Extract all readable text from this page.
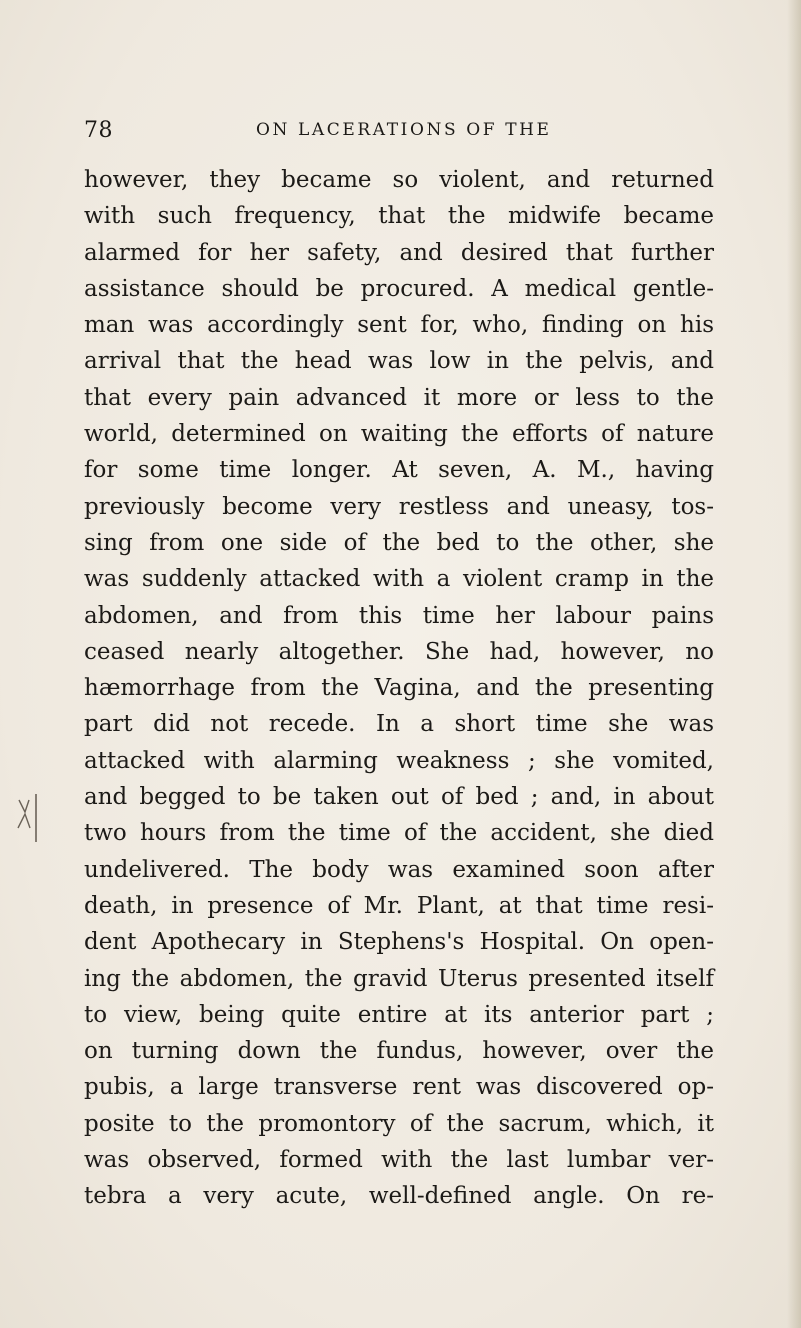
78	ON LACERATIONS OF THE
however, they became so violent, and returned
with such frequency, that the midwife became
alarmed for her safety, and desired that further
assistance should be procured. A medical gentle-
man was accordingly sent for, who, finding on his
arrival that the head was low in the pelvis, and
that every pain advanced it more or less to the
world, determined on waiting the efforts of nature
for some time longer. At seven, A. M., having
previously become very restless and uneasy, tos-
sing from one side of the bed to the other, she
was suddenly attacked with a violent cramp in the
abdomen, and from this time her labour pains
ceased nearly altogether. She had, however, no
hæmorrhage from the Vagina, and the presenting
part did not recede. In a short time she was
attacked with alarming weakness ; she vomited,
and begged to be taken out of bed ; and, in about
two hours from the time of the accident, she died
undelivered. The body was examined soon after
death, in presence of Mr. Plant, at that time resi-
dent Apothecary in Stephens's Hospital. On open-
ing the abdomen, the gravid Uterus presented itself
to view, being quite entire at its anterior part ;
on turning down the fundus, however, over the
pubis, a large transverse rent was discovered op-
posite to the promontory of the sacrum, which, it
was observed, formed with the last lumbar ver-
tebra a very acute, well-defined angle. On re-
